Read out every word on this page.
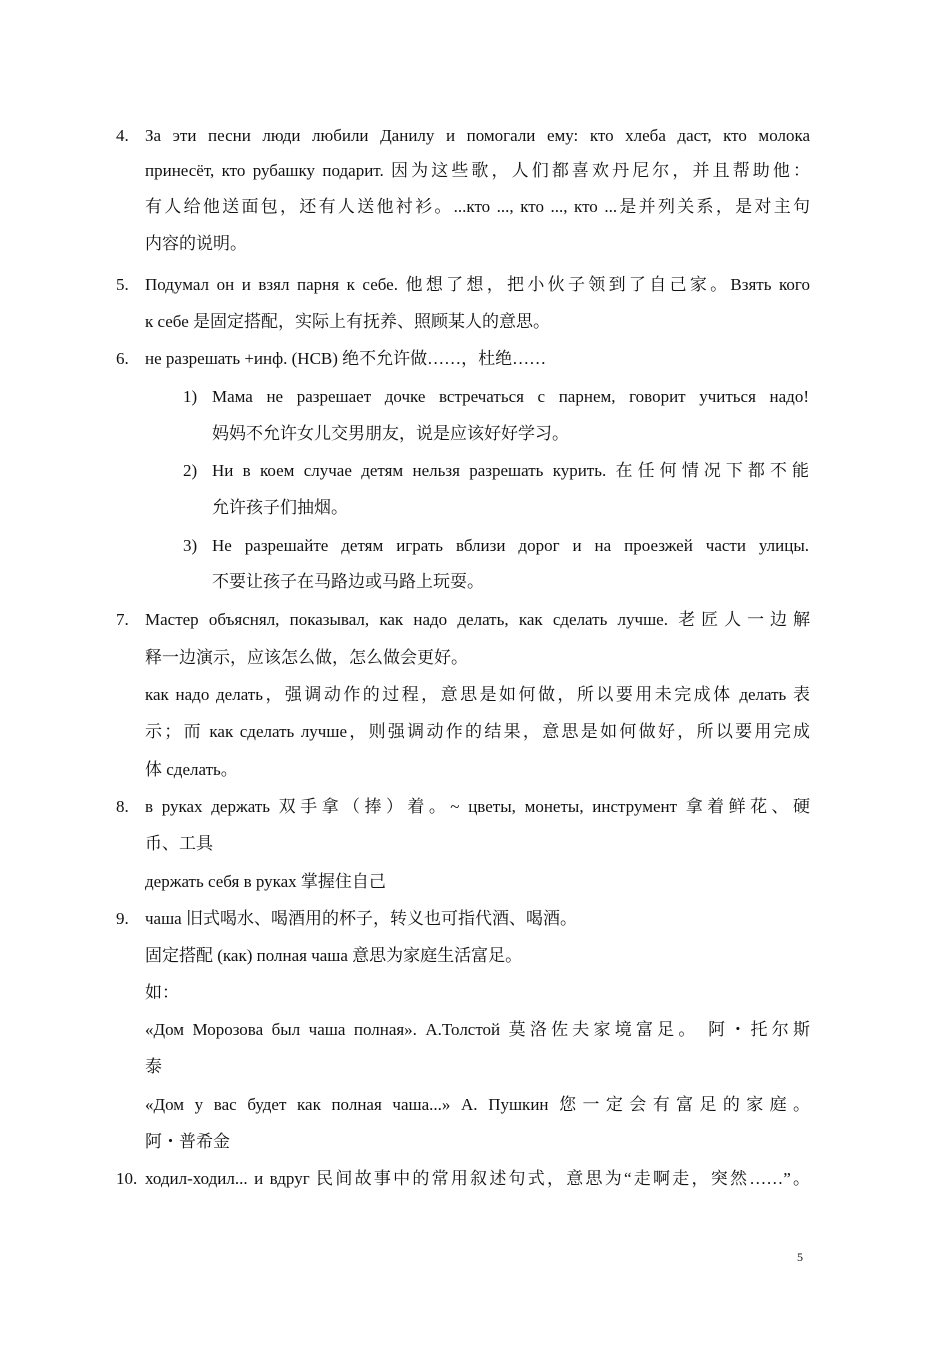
4. За эти песни люди любили Данилу и помогали ему: кто хлеба даст, кто молока
принесёт, кто рубашку подарит. 因为这些歌，人们都喜欢丹尼尔，并且帮助他：
有人给他送面包，还有人送他衬衫。...кто ..., кто ..., кто ...是并列关系，是对主句
内容的说明。
5. Подумал он и взял парня к себе. 他想了想，把小伙子领到了自己家。Взять кого
к себе 是固定搭配，实际上有抚养、照顾某人的意思。
6. не разрешать +инф. (НСВ) 绝不允许做……，杜绝……
1) Мама не разрешает дочке встречаться с парнем, говорит учиться надо!
妈妈不允许女儿交男朋友，说是应该好好学习。
2) Ни в коем случае детям нельзя разрешать курить. 在任何情况下都不能
允许孩子们抽烟。
3) Не разрешайте детям играть вблизи дорог и на проезжей части улицы.
不要让孩子在马路边或马路上玩耍。
7. Мастер объяснял, показывал, как надо делать, как сделать лучше. 老匠人一边解
释一边演示，应该怎么做，怎么做会更好。
как надо делать，强调动作的过程，意思是如何做，所以要用未完成体 делать 表
示；而 как сделать лучше，则强调动作的结果，意思是如何做好，所以要用完成
体 сделать。
8. в руках держать 双手拿（捧）着。~ цветы, монеты, инструмент 拿着鲜花、硬
币、工具
держать себя в руках 掌握住自己
9. чаша 旧式喝水、喝酒用的杯子，转义也可指代酒、喝酒。
固定搭配 (как) полная чаша 意思为家庭生活富足。
如：
«Дом Морозова был чаша полная». А.Толстой 莫洛佐夫家境富足。 阿・托尔斯
泰
«Дом у вас будет как полная чаша...» А. Пушкин 您一定会有富足的家庭。
阿・普希金
10. ходил-ходил... и вдруг 民间故事中的常用叙述句式，意思为“走啊走，突然……”。
5
